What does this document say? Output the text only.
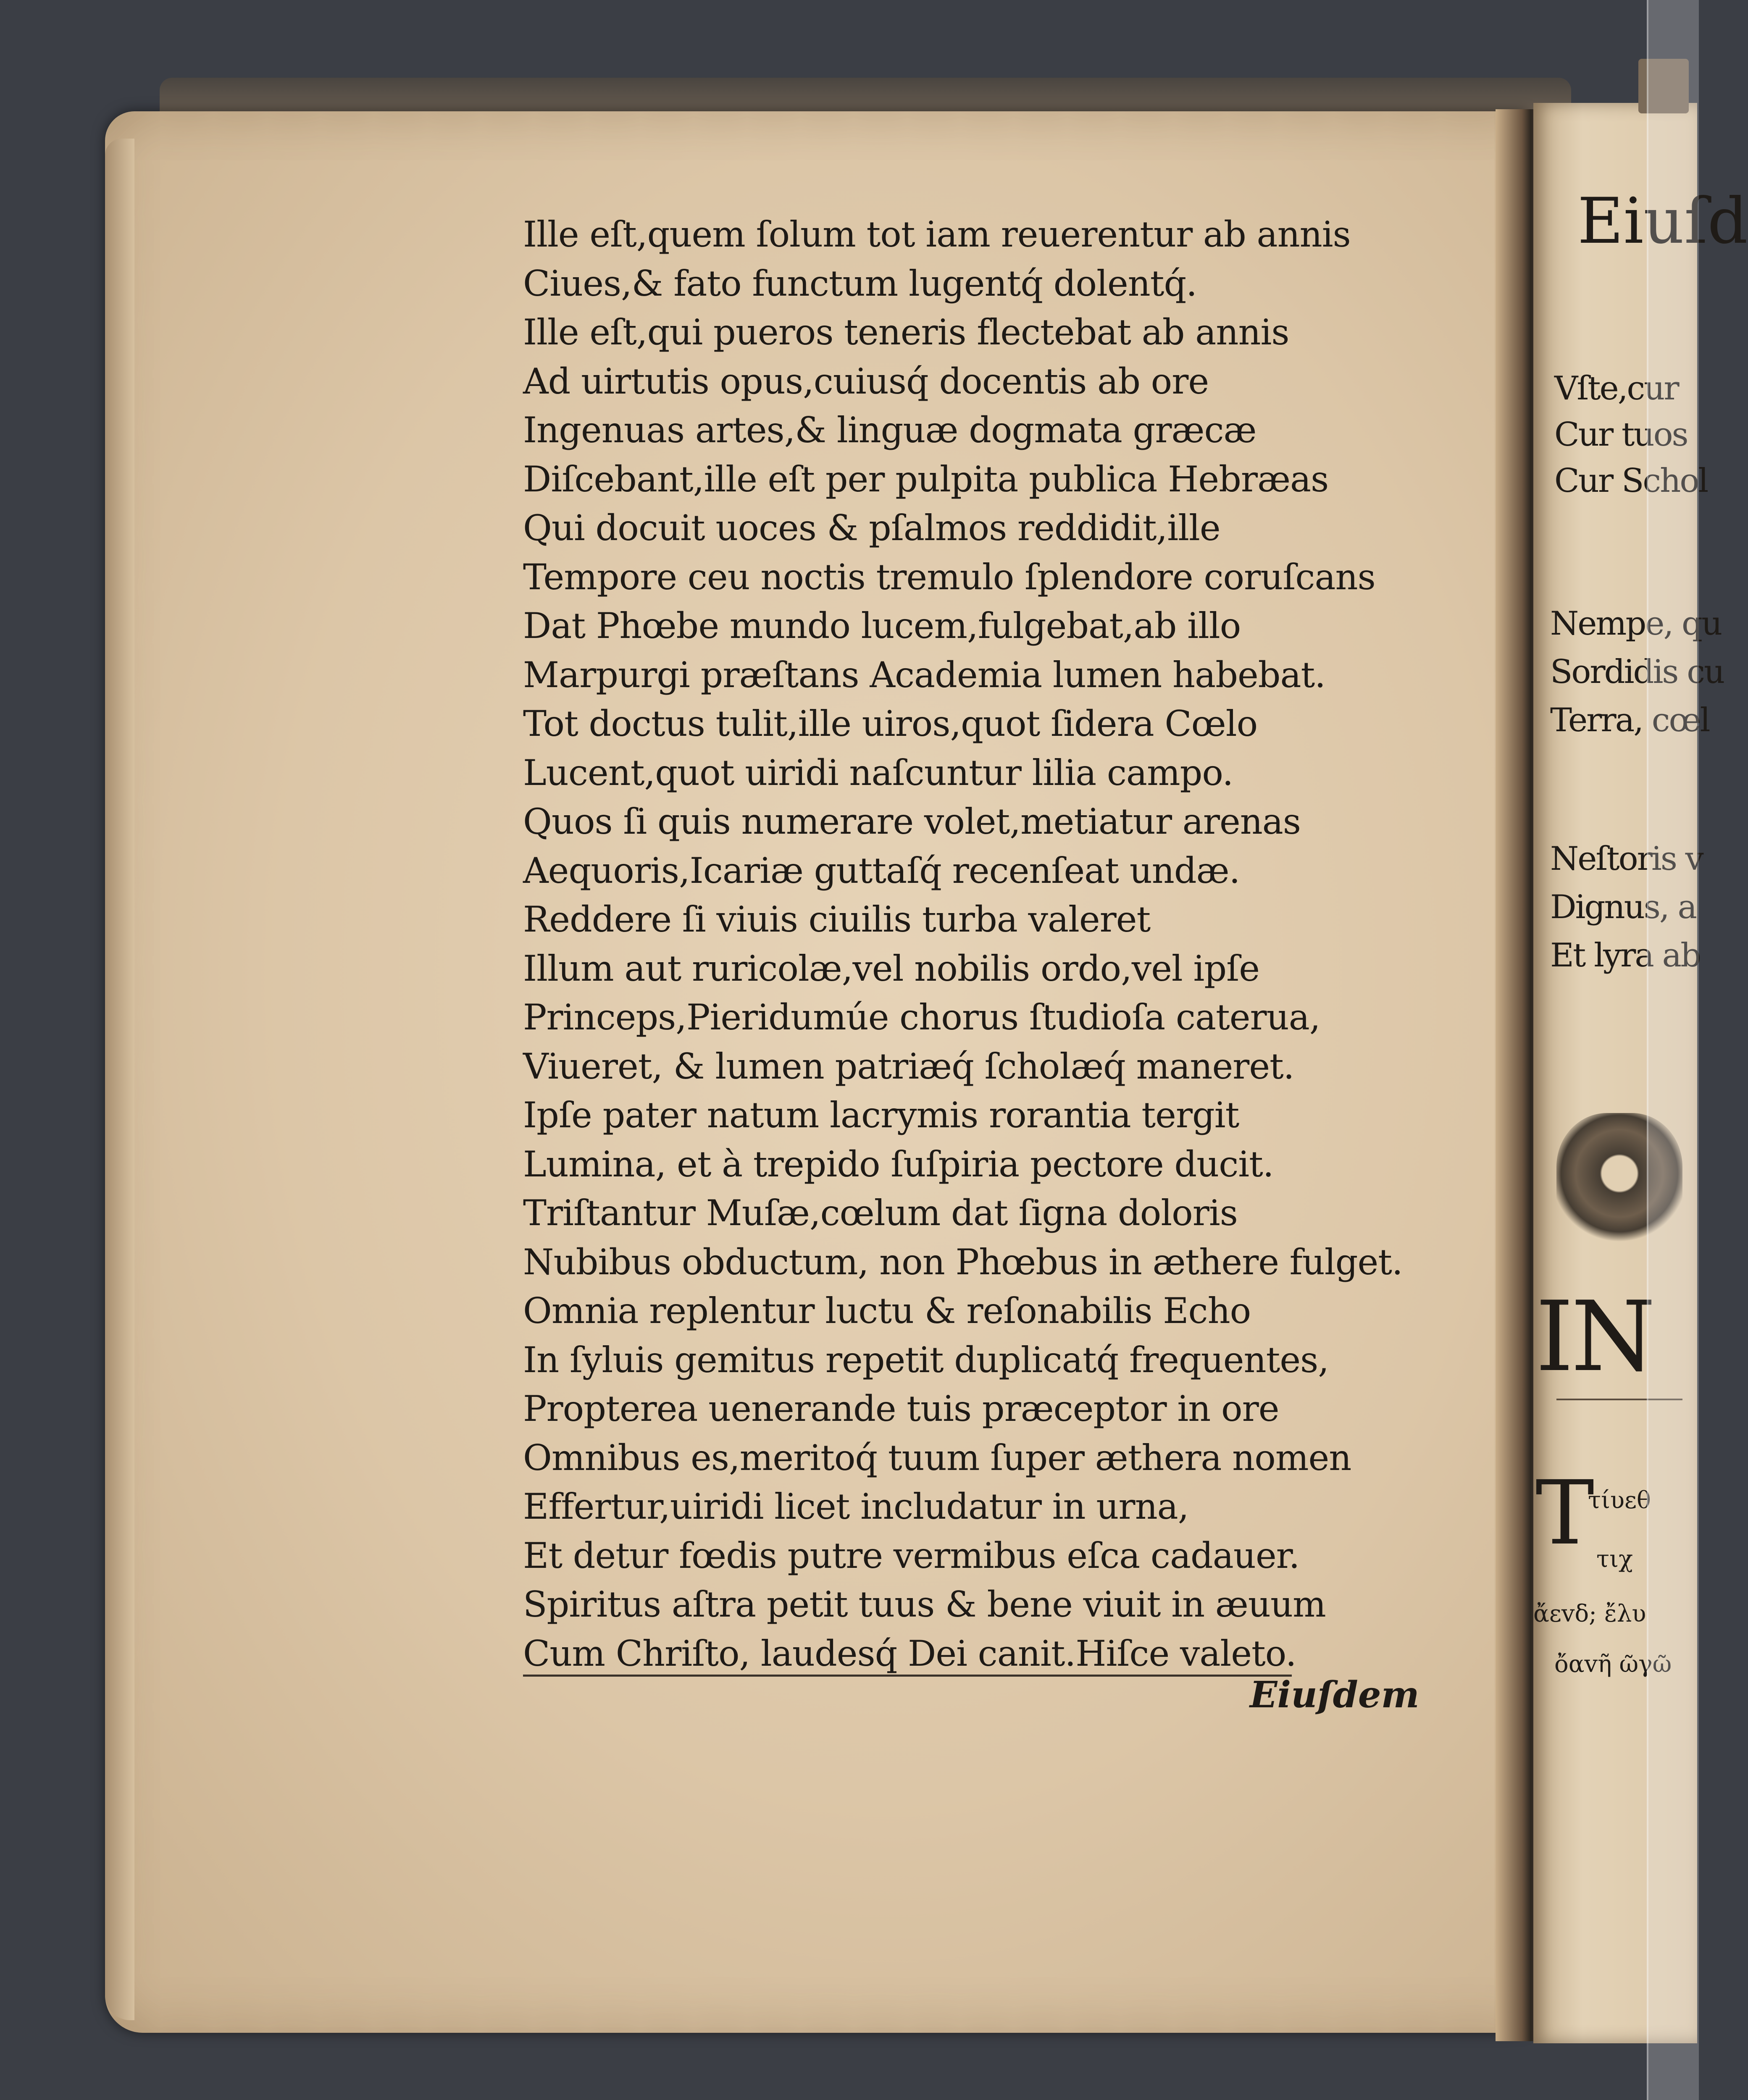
Ille eſt,quem ſolum tot iam reuerentur ab annis
Ciues,& fato functum lugentq́ dolentq́.
Ille eſt,qui pueros teneris flectebat ab annis
Ad uirtutis opus,cuiusq́ docentis ab ore
Ingenuas artes,& linguæ dogmata græcæ
Diſcebant,ille eſt per pulpita publica Hebræas
Qui docuit uoces & pſalmos reddidit,ille
Tempore ceu noctis tremulo ſplendore coruſcans
Dat Phœbe mundo lucem,fulgebat,ab illo
Marpurgi præſtans Academia lumen habebat.
Tot doctus tulit,ille uiros,quot ſidera Cœlo
Lucent,quot uiridi naſcuntur lilia campo.
Quos ſi quis numerare volet,metiatur arenas
Aequoris,Icariæ guttaſq́ recenſeat undæ.
Reddere ſi viuis ciuilis turba valeret
Illum aut ruricolæ,vel nobilis ordo,vel ipſe
Princeps,Pieridumúe chorus ſtudioſa caterua,
Viueret, & lumen patriæq́ ſcholæq́ maneret.
Ipſe pater natum lacrymis rorantia tergit
Lumina, et à trepido ſuſpiria pectore ducit.
Triſtantur Muſæ,cœlum dat ſigna doloris
Nubibus obductum, non Phœbus in æthere fulget.
Omnia replentur luctu & reſonabilis Echo
In ſyluis gemitus repetit duplicatq́ frequentes,
Propterea uenerande tuis præceptor in ore
Omnibus es,meritoq́ tuum ſuper æthera nomen
Effertur,uiridi licet includatur in urna,
Et detur fœdis putre vermibus eſca cadauer.
Spiritus aſtra petit tuus & bene viuit in æuum
Cum Chriſto, laudesq́ Dei canit.Hiſce valeto.
Eiuſdem
Eiuſd
Vſte,cur
Cur tuos
Cur Schol
Nempe, qu
Sordidis cu
Terra, cœl
Neſtoris v
Dignus, a
Et lyra ab
IN
T
τίυεθ
τιχ
ἄεvδ; ἔλυ
ὄαvῆ ῶγῶ
